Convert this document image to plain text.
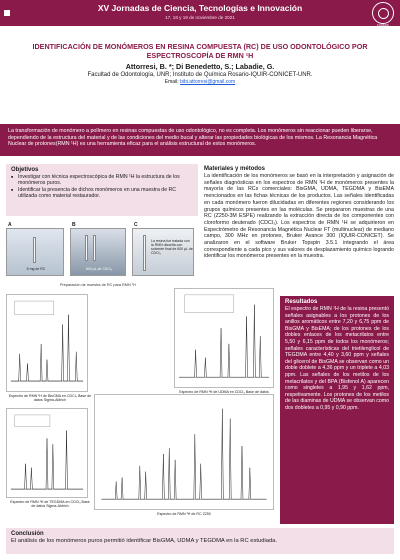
UNR
XV Jornadas de Ciencia, Tecnologías e Innovación
17, 18 y 19 de noviembre de 2021
FORMIS
IDENTIFICACIÓN DE MONÓMEROS EN RESINA COMPUESTA (RC) DE USO ODONTOLÓGICO POR ESPECTROSCOPÍA DE RMN ¹H
Attorresi, B. *; Di Benedetto, S.; Labadie, G.
Facultad de Odontología, UNR; Instituto de Química Rosario-IQUIR-CONICET-UNR.
Email: bibi.attorresi@gmail.com
La transformación de monómero a polímero en resinas compuestas de uso odontológico, no es completa. Los monómeros sin reaccionar pueden liberarse, dependiendo de la estructura del material y de las condiciones del medio bucal y alterar las propiedades biológicas de los mismos. La Resonancia Magnética Nuclear de protones(RMN ¹H) es una herramienta eficaz para el análisis estructural de estos monómeros.
Objetivos
■ Investigar con técnica espectroscópica de RMN ¹H la estructura de los monómeros puros.
■ Identificar la presencia de dichos monómeros en una muestra de RC utilizada como material restaurador.
A
5 mg de RC
B
600 µL de CDCl₃
C
La resina fue tratada con la RMN disuelta con solvente final de 600 µL de CDCl₃
Preparación de muestra de RC para RMN ¹H
Materiales y métodos

La identificación de los monómeros se basó en la interpretación y asignación de señales diagnósticas en los espectros de RMN ¹H de monómeros presentes la mayoría de las RCs comerciales: BisGMA, UDMA, TEGDMA y BisEMA mencionados en las fichas técnicas de los productos. Las señales identificadas en cada monómero fueron dilucidadas en diferentes regiones considerando los grupos químicos presentes en las moléculas. Se prepararon muestras de una RC (Z250-3M ESPE) realizando la extracción directa de los componentes con cloroformo deuterado (CDCl₃). Los espectros de RMN ¹H se adquirieron en Espectrómetro de Resonancia Magnética Nuclear FT (multinuclear) de mediano campo, 300 MHz en protones, Bruker Avance 300 (IQUIR-CONICET). Se analizaron en el software Bruker Topspin 3.5.1 integrando el área correspondiente a cada pico y sus valores de desplazamiento químico logrando identificar los monómeros presentes en la muestra.

Espectro de RMN ¹H de BisGMA en CDCl₃ Base de datos Sigma-Aldrich
Espectro de RMN ¹H de UDMA en CDCl₃ Base de datos Sigma-Aldrich
Espectro de RMN ¹H de TEGDMA en CDCl₃ Base de datos Sigma-Aldrich
Espectro de RMN ¹H de RC Z250
Resultados

El espectro de RMN ¹H de la resina presentó señales asignables a los protones de los anillos aromáticos entre 7,20 y 6,75 ppm de BisGMA y BisEMA; de los protones de los dobles enlaces de los metacrilatos entre 5,50 y 6,15 ppm de todos los monómeros; señales características del trietilenglicol de TEGDMA entre 4,40 y 3,60 ppm y señales del glicerol de BisGMA se observan como un doble doblete a 4,36 ppm y un triplete a 4,03 ppm. Las señales de los metilos de los metacrilatos y del BPA (Bisfenol A) aparecen como singletes a 1,95 y 1,62 ppm, respetivamente. Los protones de los metilos de las diaminas de UDMA se observan como dos dobletes a 0,95 y 0,90 ppm.

Conclusión

El análisis de los monómeros puros permitió identificar BisGMA, UDMA y TEGDMA en la RC estudiada.
